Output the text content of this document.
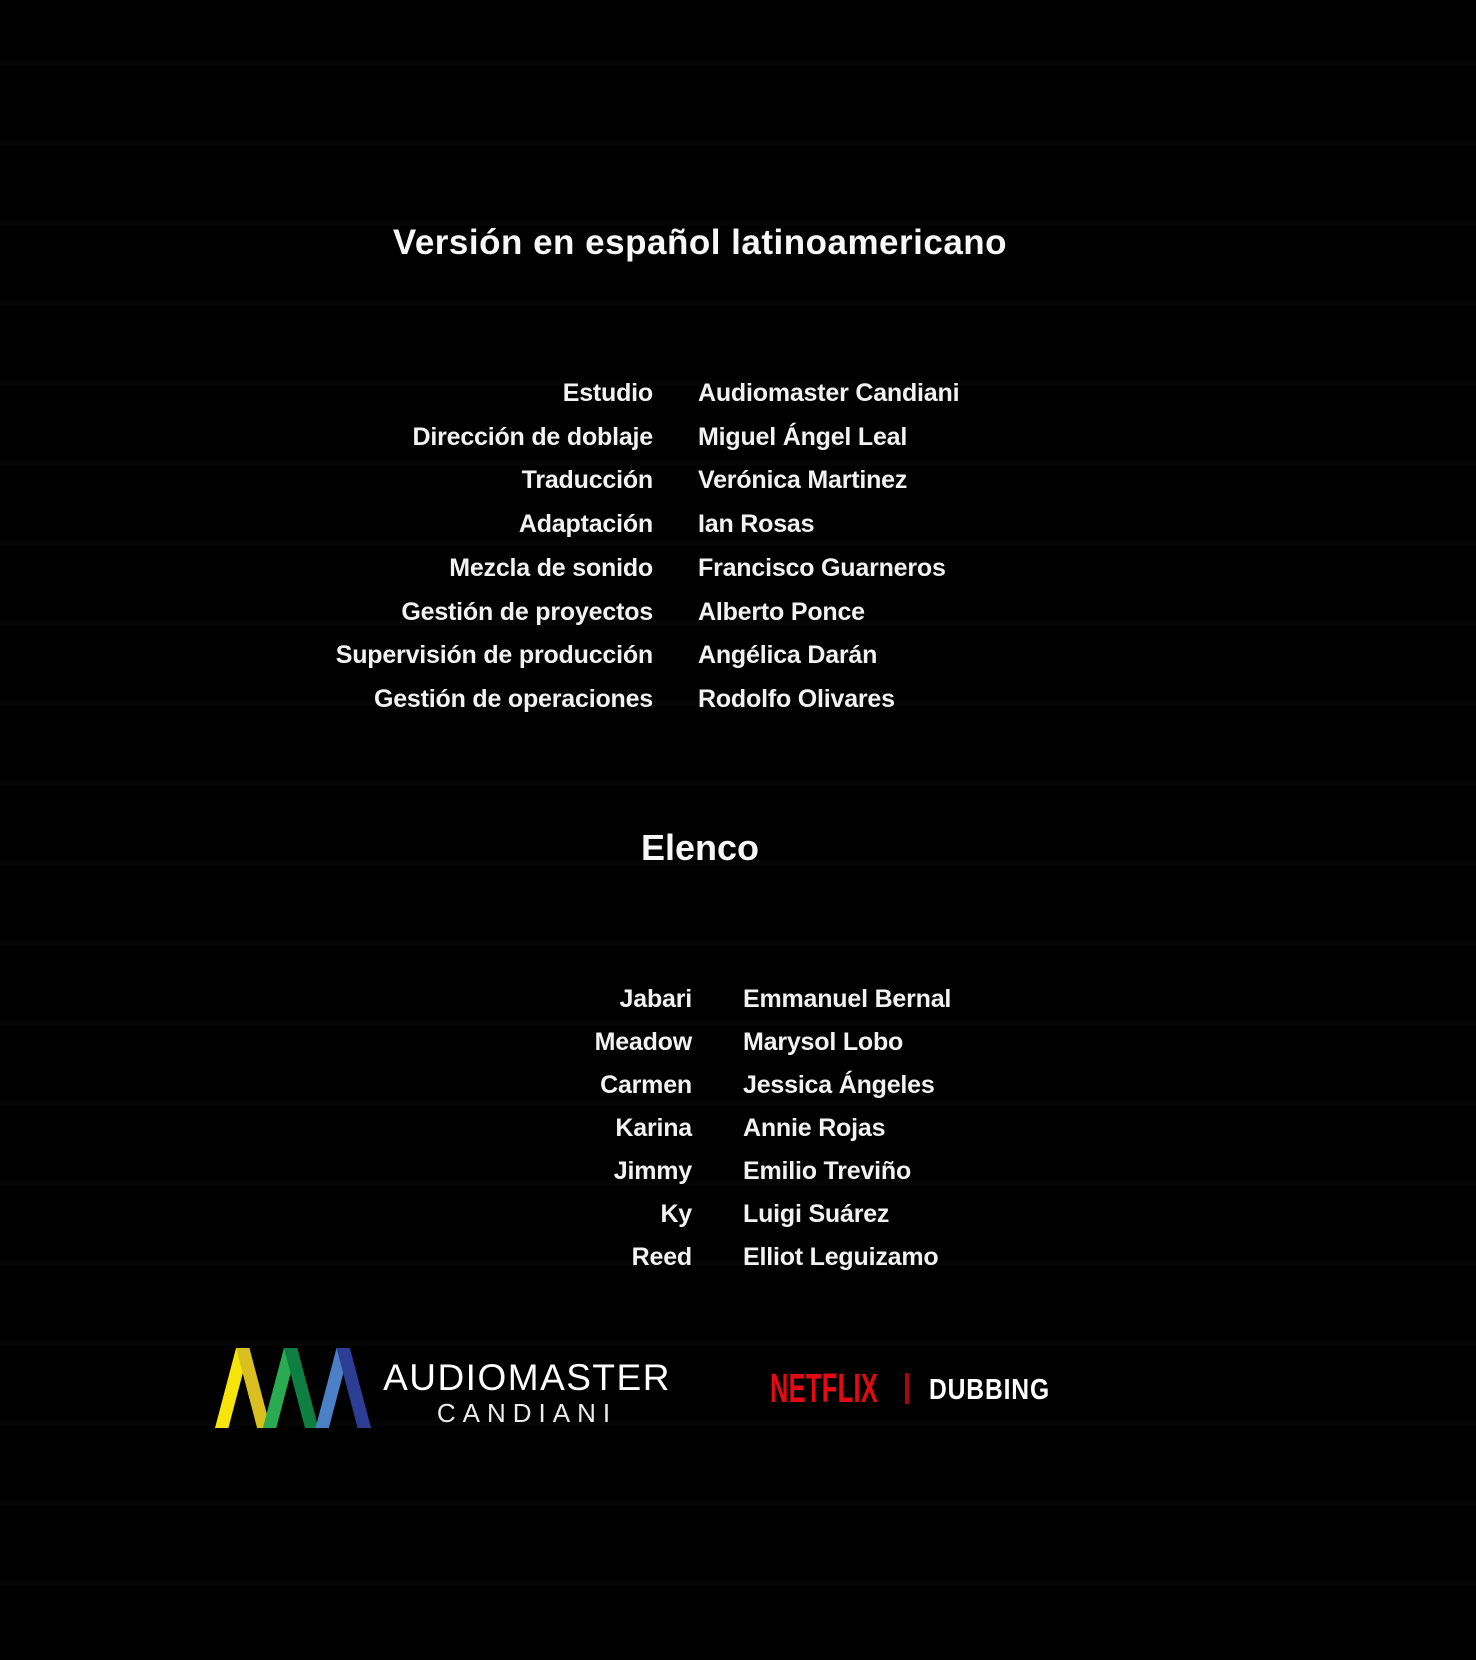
Versión en español latinoamericano
Estudio Audiomaster Candiani
Dirección de doblaje Miguel Ángel Leal
Traducción Verónica Martinez
Adaptación Ian Rosas
Mezcla de sonido Francisco Guarneros
Gestión de proyectos Alberto Ponce
Supervisión de producción Angélica Darán
Gestión de operaciones Rodolfo Olivares
Elenco
Jabari Emmanuel Bernal
Meadow Marysol Lobo
Carmen Jessica Ángeles
Karina Annie Rojas
Jimmy Emilio Treviño
Ky Luigi Suárez
Reed Elliot Leguizamo
AUDIOMASTER
CANDIANI
NETFLIX DUBBING
